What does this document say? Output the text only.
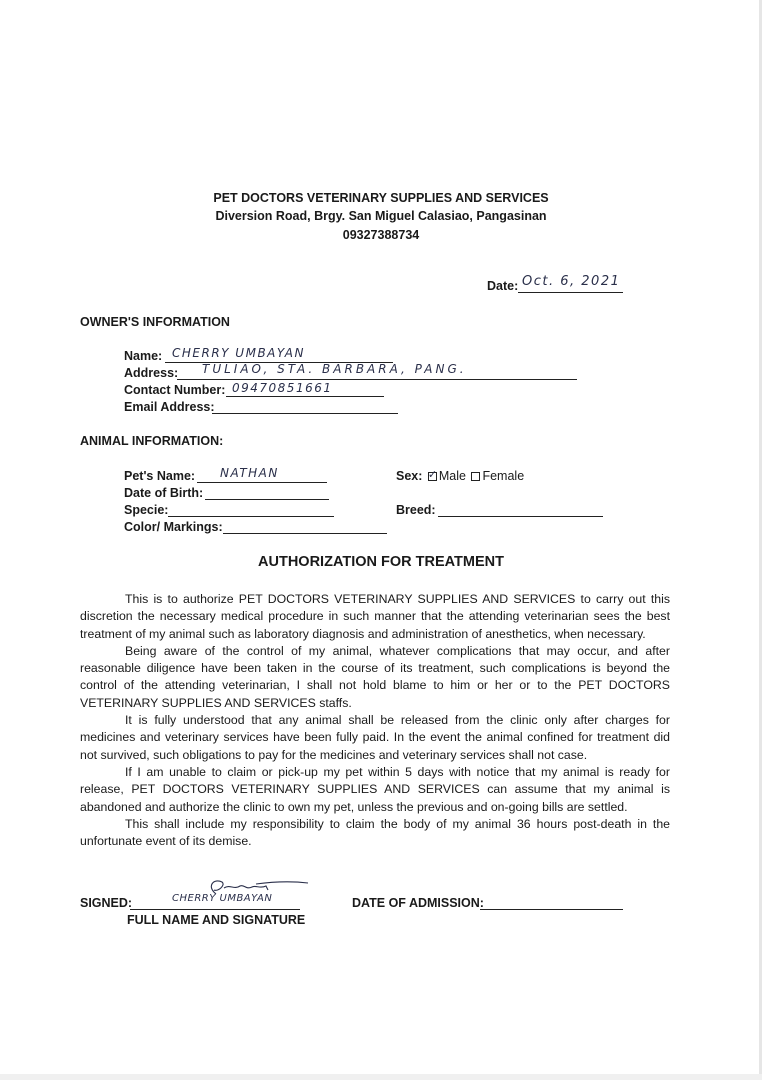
PET DOCTORS VETERINARY SUPPLIES AND SERVICES
Diversion Road, Brgy. San Miguel Calasiao, Pangasinan
09327388734
Date: Oct. 6, 2021
OWNER'S INFORMATION
Name: CHERRY UMBAYAN
Address: TULIAO, STA. BARBARA, PANG.
Contact Number: 09470851661
Email Address:
ANIMAL INFORMATION:
Pet's Name: NATHAN
Date of Birth:
Specie:
Color/ Markings:
Sex: ✓ Male Female
Breed:
AUTHORIZATION FOR TREATMENT

This is to authorize PET DOCTORS VETERINARY SUPPLIES AND SERVICES to carry out this discretion the necessary medical procedure in such manner that the attending veterinarian sees the best treatment of my animal such as laboratory diagnosis and administration of anesthetics, when necessary.

Being aware of the control of my animal, whatever complications that may occur, and after reasonable diligence have been taken in the course of its treatment, such complications is beyond the control of the attending veterinarian, I shall not hold blame to him or her or to the PET DOCTORS VETERINARY SUPPLIES AND SERVICES staffs.

It is fully understood that any animal shall be released from the clinic only after charges for medicines and veterinary services have been fully paid. In the event the animal confined for treatment did not survived, such obligations to pay for the medicines and veterinary services shall not case.

If I am unable to claim or pick-up my pet within 5 days with notice that my animal is ready for release, PET DOCTORS VETERINARY SUPPLIES AND SERVICES can assume that my animal is abandoned and authorize the clinic to own my pet, unless the previous and on-going bills are settled.

This shall include my responsibility to claim the body of my animal 36 hours post-death in the unfortunate event of its demise.

SIGNED:	CHERRY UMBAYAN
FULL NAME AND SIGNATURE
DATE OF ADMISSION:
